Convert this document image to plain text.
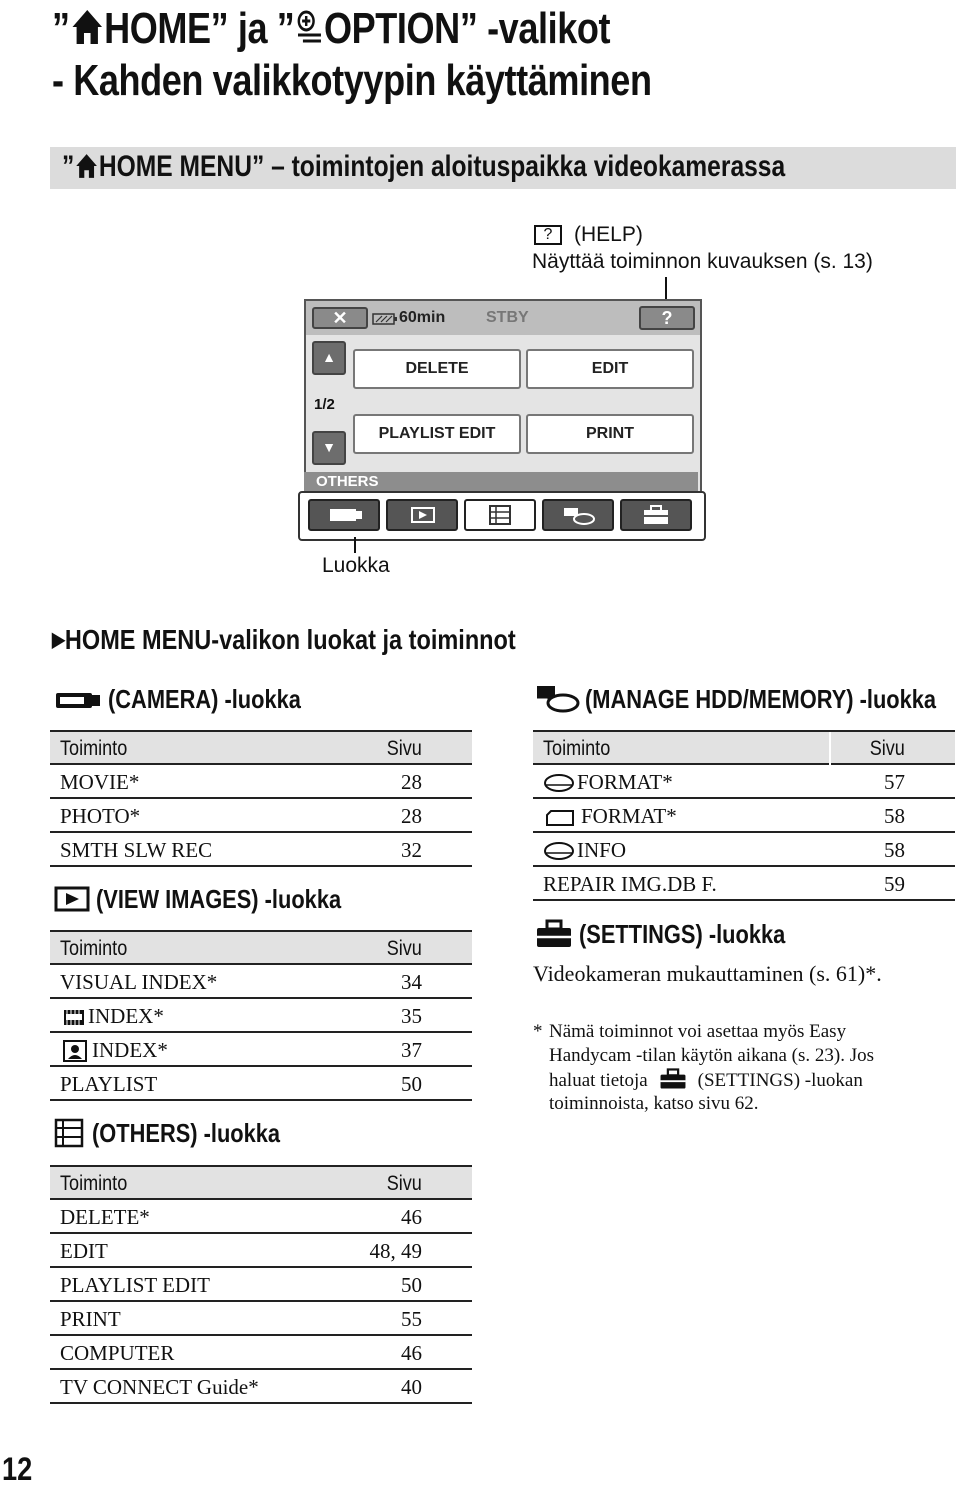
” HOME” ja ” OPTION” -valikot
- Kahden valikkotyypin käyttäminen
” HOME MENU” – toimintojen aloituspaikka videokamerassa
?	(HELP)
Näyttää toiminnon kuvauksen (s. 13)
✕	60min	STBY	?
▲
1/2
▼
DELETE	EDIT
PLAYLIST EDIT	PRINT
OTHERS
Luokka
▶HOME MENU-valikon luokat ja toiminnot
(CAMERA) -luokka
Toiminto	Sivu
MOVIE*	28
PHOTO*	28
SMTH SLW REC	32
(VIEW IMAGES) -luokka
Toiminto	Sivu
VISUAL INDEX*	34
INDEX*	35
INDEX*	37
PLAYLIST	50
(OTHERS) -luokka
Toiminto	Sivu
DELETE*	46
EDIT	48, 49
PLAYLIST EDIT	50
PRINT	55
COMPUTER	46
TV CONNECT Guide*	40
(MANAGE HDD/MEMORY) -luokka
Toiminto	Sivu
FORMAT*	57
FORMAT*	58
INFO	58
REPAIR IMG.DB F.	59
(SETTINGS) -luokka
Videokameran mukauttaminen (s. 61)*.
* Nämä toiminnot voi asettaa myös Easy
Handycam -tilan käytön aikana (s. 23). Jos
haluat tietoja	(SETTINGS) -luokan
toiminnoista, katso sivu 62.
12
